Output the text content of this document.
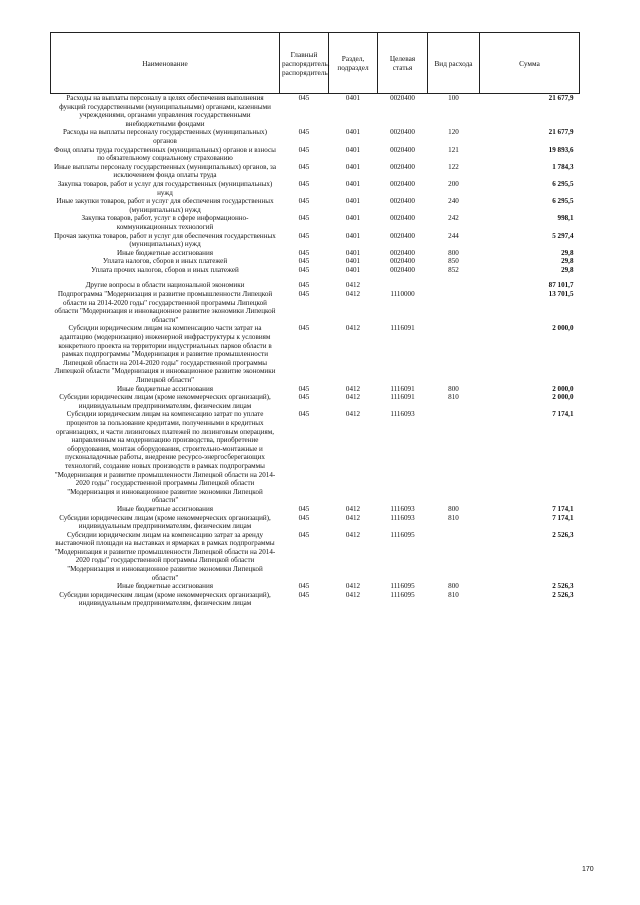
Наименование	Главный распорядитель, распорядитель	Раздел, подраздел	Целевая статья	Вид расхода	Сумма
Расходы на выплаты персоналу в целях обеспечения выполнения функций государственными (муниципальными) органами, казенными учреждениями, органами управления государственными внебюджетными фондами	045	0401	0020400	100	21 677,9
Расходы на выплаты персоналу государственных (муниципальных) органов	045	0401	0020400	120	21 677,9
Фонд оплаты труда государственных (муниципальных) органов и взносы по обязательному социальному страхованию	045	0401	0020400	121	19 893,6
Иные выплаты персоналу государственных (муниципальных) органов, за исключением фонда оплаты труда	045	0401	0020400	122	1 784,3
Закупка товаров, работ и услуг для государственных (муниципальных) нужд	045	0401	0020400	200	6 295,5
Иные закупки товаров, работ и услуг для обеспечения государственных (муниципальных) нужд	045	0401	0020400	240	6 295,5
Закупка товаров, работ, услуг в сфере информационно-коммуникационных технологий	045	0401	0020400	242	998,1
Прочая закупка товаров, работ и услуг для обеспечения государственных (муниципальных) нужд	045	0401	0020400	244	5 297,4
Иные бюджетные ассигнования	045	0401	0020400	800	29,8
Уплата налогов, сборов и иных платежей	045	0401	0020400	850	29,8
Уплата прочих налогов, сборов и иных платежей	045	0401	0020400	852	29,8

Другие вопросы в области национальной экономики	045	0412			87 101,7
Подпрограмма "Модернизация и развитие промышленности Липецкой области на 2014-2020 годы" государственной программы Липецкой области "Модернизация и инновационное развитие экономики Липецкой области"	045	0412	1110000		13 701,5
Субсидии юридическим лицам на компенсацию части затрат на адаптацию (модернизацию) инженерной инфраструктуры к условиям конкретного проекта на территории индустриальных парков области в рамках подпрограммы "Модернизация и развитие промышленности Липецкой области на 2014-2020 годы" государственной программы Липецкой области "Модернизация и инновационное развитие экономики Липецкой области"	045	0412	1116091		2 000,0
Иные бюджетные ассигнования	045	0412	1116091	800	2 000,0
Субсидии юридическим лицам (кроме некоммерческих организаций), индивидуальным предпринимателям, физическим лицам	045	0412	1116091	810	2 000,0
Субсидии юридическим лицам на компенсацию затрат по уплате процентов за пользование кредитами, полученными в кредитных организациях, и части лизинговых платежей по лизинговым операциям, направленным на модернизацию производства, приобретение оборудования, монтаж оборудования, строительно-монтажные и пусконаладочные работы, внедрение ресурсо-энергосберегающих технологий, создание новых производств в рамках подпрограммы "Модернизация и развитие промышленности Липецкой области на 2014-2020 годы" государственной программы Липецкой области "Модернизация и инновационное развитие экономики Липецкой области"	045	0412	1116093		7 174,1
Иные бюджетные ассигнования	045	0412	1116093	800	7 174,1
Субсидии юридическим лицам (кроме некоммерческих организаций), индивидуальным предпринимателям, физическим лицам	045	0412	1116093	810	7 174,1
Субсидии юридическим лицам на компенсацию затрат за аренду выставочной площади на выставках и ярмарках в рамках подпрограммы "Модернизация и развитие промышленности Липецкой области на 2014-2020 годы" государственной программы Липецкой области "Модернизация и инновационное развитие экономики Липецкой области"	045	0412	1116095		2 526,3
Иные бюджетные ассигнования	045	0412	1116095	800	2 526,3
Субсидии юридическим лицам (кроме некоммерческих организаций), индивидуальным предпринимателям, физическим лицам	045	0412	1116095	810	2 526,3
170
